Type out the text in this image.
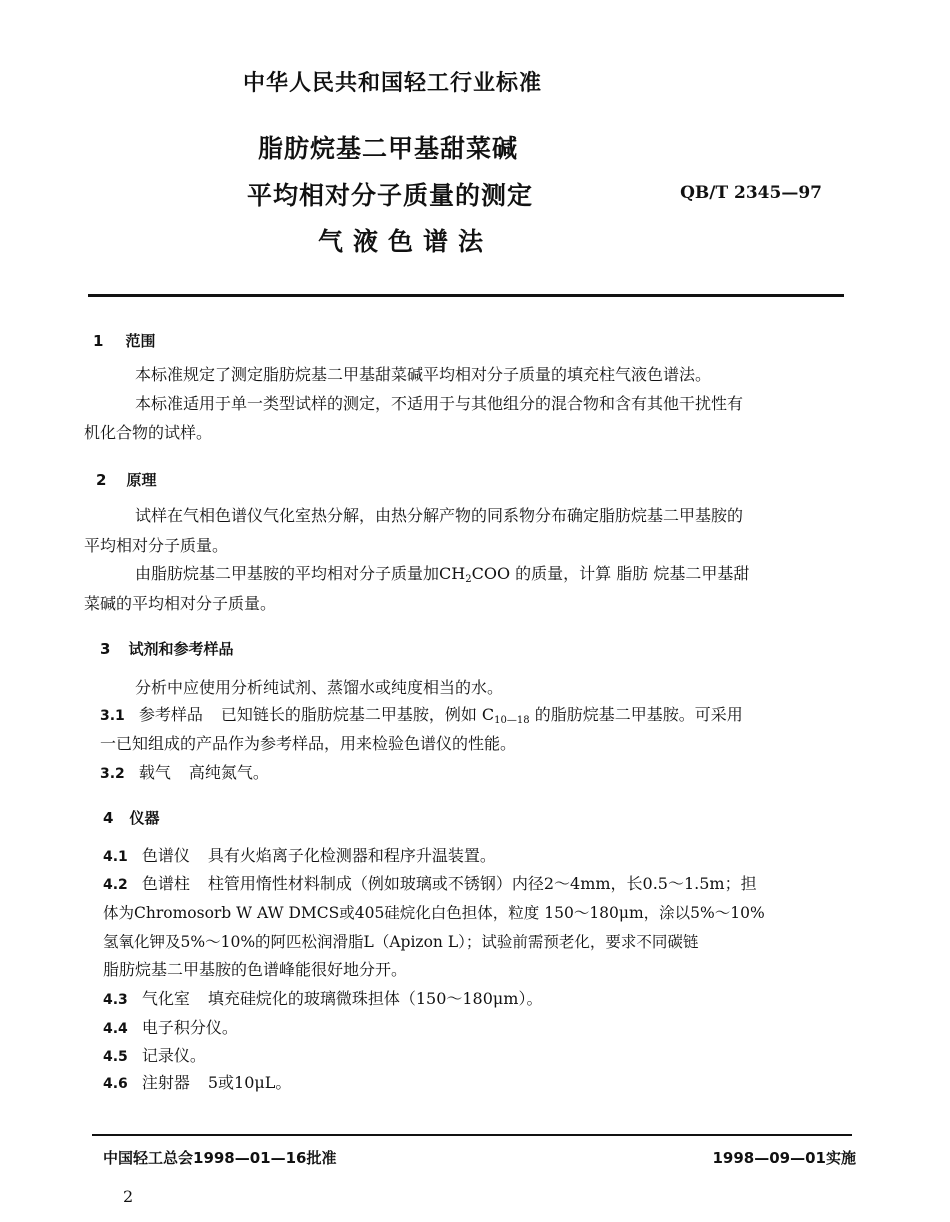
中华人民共和国轻工行业标准
脂肪烷基二甲基甜菜碱
平均相对分子质量的测定
气液色谱法
QB/T 2345—97
1 范围
本标准规定了测定脂肪烷基二甲基甜菜碱平均相对分子质量的填充柱气液色谱法。
本标准适用于单一类型试样的测定，不适用于与其他组分的混合物和含有其他干扰性有
机化合物的试样。
2 原理
试样在气相色谱仪气化室热分解，由热分解产物的同系物分布确定脂肪烷基二甲基胺的
平均相对分子质量。
由脂肪烷基二甲基胺的平均相对分子质量加$CH_2COO$ 的质量，计算 脂肪 烷基二甲基甜
菜碱的平均相对分子质量。
3 试剂和参考样品
分析中应使用分析纯试剂、蒸馏水或纯度相当的水。
3.1 参考样品 已知链长的脂肪烷基二甲基胺，例如 $C_{10—18}$ 的脂肪烷基二甲基胺。可采用
一已知组成的产品作为参考样品，用来检验色谱仪的性能。
3.2 载气 高纯氮气。
4 仪器
4.1 色谱仪 具有火焰离子化检测器和程序升温装置。
4.2 色谱柱 柱管用惰性材料制成（例如玻璃或不锈钢）内径2～4mm，长0.5～1.5m；担
体为Chromosorb W AW DMCS或405硅烷化白色担体，粒度 150～180μm，涂以5%～10%
氢氧化钾及5%～10%的阿匹松润滑脂L（Apizon L）；试验前需预老化，要求不同碳链
脂肪烷基二甲基胺的色谱峰能很好地分开。
4.3 气化室 填充硅烷化的玻璃微珠担体（150～180μm）。
4.4 电子积分仪。
4.5 记录仪。
4.6 注射器 5或10μL。
中国轻工总会1998—01—16批准	1998—09—01实施
2
